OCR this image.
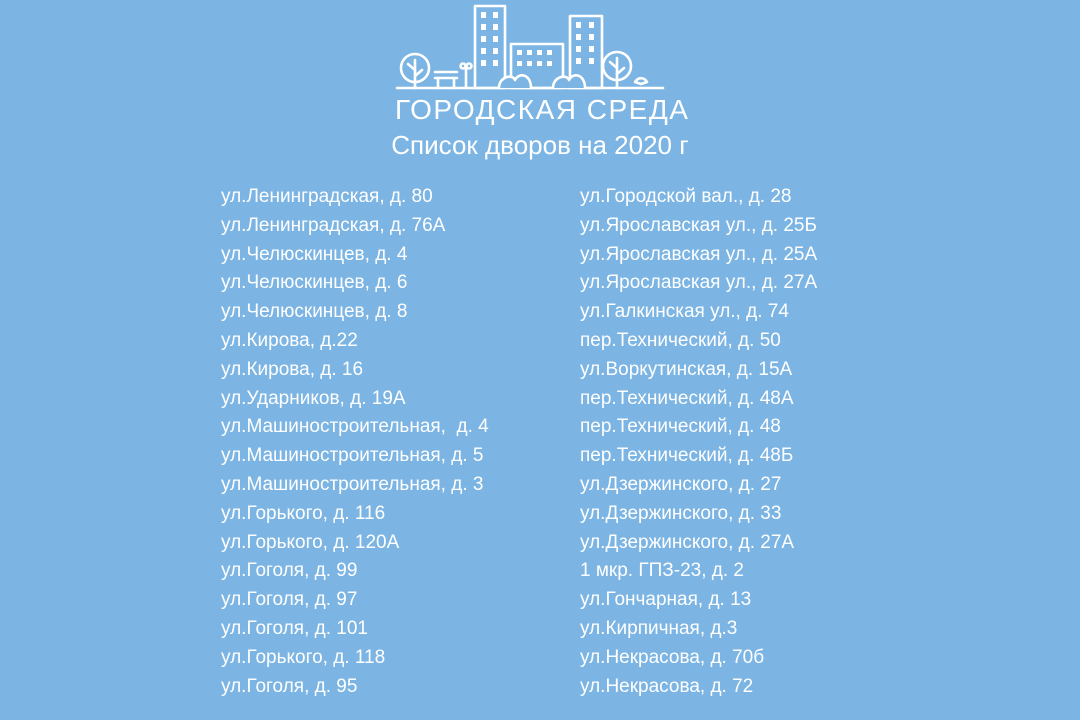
ГОРОДСКАЯ СРЕДА
Список дворов на 2020 г
ул.Ленинградская, д. 80
ул.Ленинградская, д. 76А
ул.Челюскинцев, д. 4
ул.Челюскинцев, д. 6
ул.Челюскинцев, д. 8
ул.Кирова, д.22
ул.Кирова, д. 16
ул.Ударников, д. 19А
ул.Машиностроительная,  д. 4
ул.Машиностроительная, д. 5
ул.Машиностроительная, д. 3
ул.Горького, д. 116
ул.Горького, д. 120А
ул.Гоголя, д. 99
ул.Гоголя, д. 97
ул.Гоголя, д. 101
ул.Горького, д. 118
ул.Гоголя, д. 95
ул.Городской вал., д. 28
ул.Ярославская ул., д. 25Б
ул.Ярославская ул., д. 25А
ул.Ярославская ул., д. 27А
ул.Галкинская ул., д. 74
пер.Технический, д. 50
ул.Воркутинская, д. 15А
пер.Технический, д. 48А
пер.Технический, д. 48
пер.Технический, д. 48Б
ул.Дзержинского, д. 27
ул.Дзержинского, д. 33
ул.Дзержинского, д. 27А
1 мкр. ГПЗ-23, д. 2
ул.Гончарная, д. 13
ул.Кирпичная, д.3
ул.Некрасова, д. 70б
ул.Некрасова, д. 72
